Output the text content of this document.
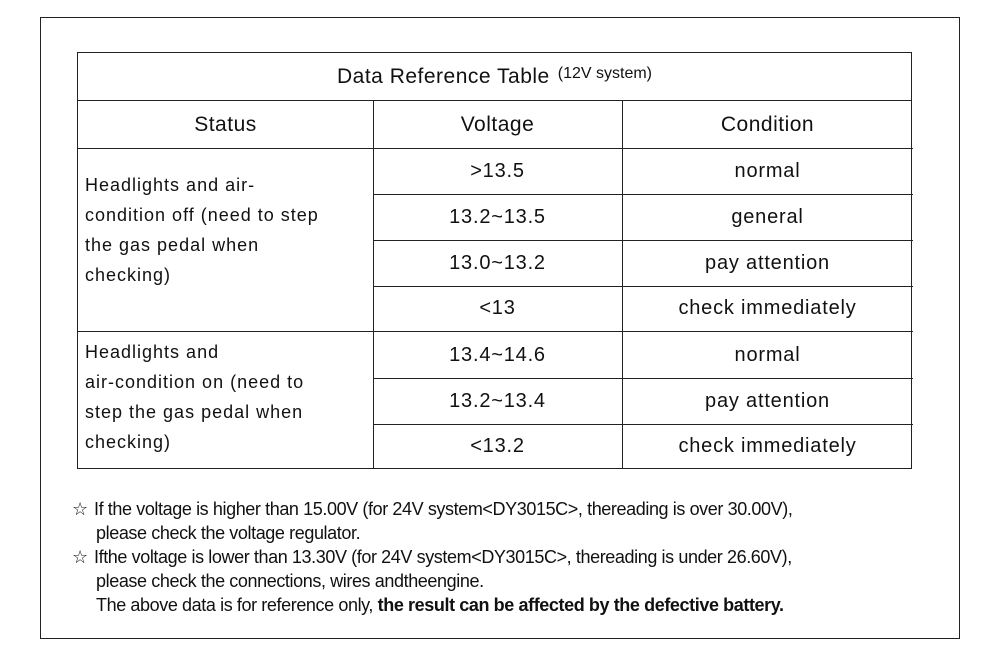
Data Reference Table (12V system)
Status	Voltage	Condition
Headlights and air-
condition off (need to step
the gas pedal when
checking)
>13.5	normal
13.2~13.5	general
13.0~13.2	pay attention
<13	check immediately
Headlights and
air-condition on (need to
step the gas pedal when
checking)
13.4~14.6	normal
13.2~13.4	pay attention
<13.2	check immediately
☆ If the voltage is higher than 15.00V (for 24V system<DY3015C>, thereading is over 30.00V),
please check the voltage regulator.
☆ Ifthe voltage is lower than 13.30V (for 24V system<DY3015C>, thereading is under 26.60V),
please check the connections, wires andtheengine.
The above data is for reference only, the result can be affected by the defective battery.
